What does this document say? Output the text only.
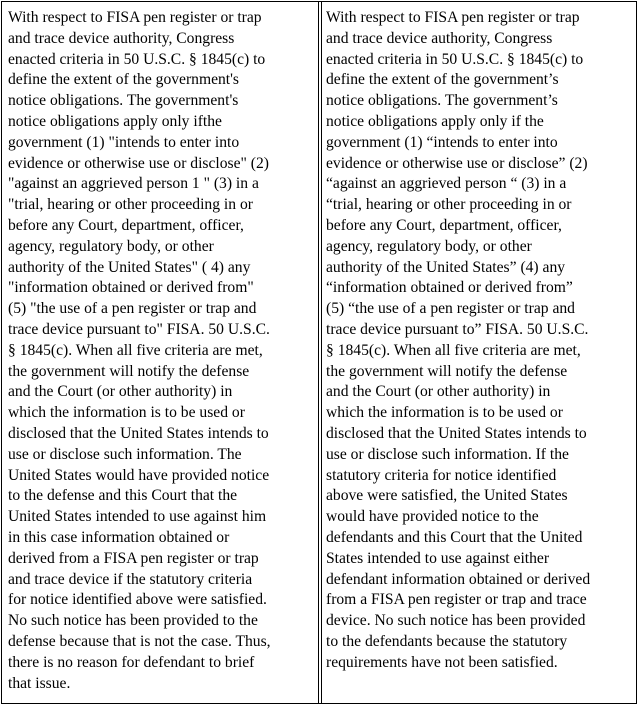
With respect to FISA pen register or trap
and trace device authority, Congress
enacted criteria in 50 U.S.C. § 1845(c) to
define the extent of the government's
notice obligations. The government's
notice obligations apply only ifthe
government (1) "intends to enter into
evidence or otherwise use or disclose" (2)
"against an aggrieved person 1 " (3) in a
"trial, hearing or other proceeding in or
before any Court, department, officer,
agency, regulatory body, or other
authority of the United States" ( 4) any
"information obtained or derived from"
(5) "the use of a pen register or trap and
trace device pursuant to" FISA. 50 U.S.C.
§ 1845(c). When all five criteria are met,
the government will notify the defense
and the Court (or other authority) in
which the information is to be used or
disclosed that the United States intends to
use or disclose such information. The
United States would have provided notice
to the defense and this Court that the
United States intended to use against him
in this case information obtained or
derived from a FISA pen register or trap
and trace device if the statutory criteria
for notice identified above were satisfied.
No such notice has been provided to the
defense because that is not the case. Thus,
there is no reason for defendant to brief
that issue.
With respect to FISA pen register or trap
and trace device authority, Congress
enacted criteria in 50 U.S.C. § 1845(c) to
define the extent of the government’s
notice obligations. The government’s
notice obligations apply only if the
government (1) “intends to enter into
evidence or otherwise use or disclose” (2)
“against an aggrieved person “ (3) in a
“trial, hearing or other proceeding in or
before any Court, department, officer,
agency, regulatory body, or other
authority of the United States” (4) any
“information obtained or derived from”
(5) “the use of a pen register or trap and
trace device pursuant to” FISA. 50 U.S.C.
§ 1845(c). When all five criteria are met,
the government will notify the defense
and the Court (or other authority) in
which the information is to be used or
disclosed that the United States intends to
use or disclose such information. If the
statutory criteria for notice identified
above were satisfied, the United States
would have provided notice to the
defendants and this Court that the United
States intended to use against either
defendant information obtained or derived
from a FISA pen register or trap and trace
device. No such notice has been provided
to the defendants because the statutory
requirements have not been satisfied.
